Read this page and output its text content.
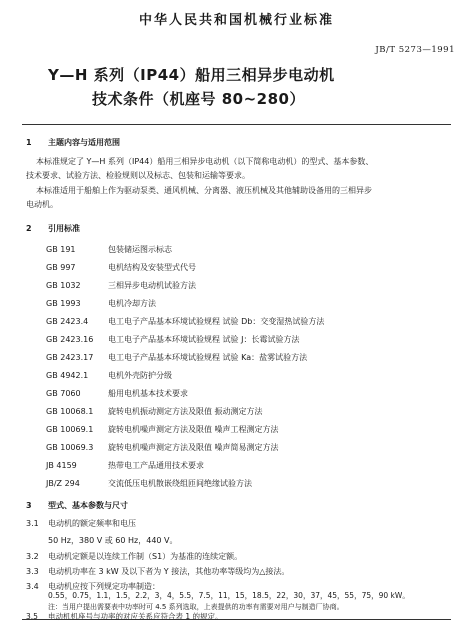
中华人民共和国机械行业标准
JB/T 5273—1991
Y—H 系列（IP44）船用三相异步电动机
技术条件（机座号 80~280）
1 主题内容与适用范围
本标准规定了 Y—H 系列（IP44）船用三相异步电动机（以下简称电动机）的型式、基本参数、
技术要求、试验方法、检验规则以及标志、包装和运输等要求。
本标准适用于船舶上作为驱动泵类、通风机械、分离器、液压机械及其他辅助设备用的三相异步
电动机。
2 引用标准
GB 191	包装储运图示标志
GB 997	电机结构及安装型式代号
GB 1032	三相异步电动机试验方法
GB 1993	电机冷却方法
GB 2423.4 电工电子产品基本环境试验规程 试验 Db：交变湿热试验方法
GB 2423.16 电工电子产品基本环境试验规程 试验 J：长霉试验方法
GB 2423.17 电工电子产品基本环境试验规程 试验 Ka：盐雾试验方法
GB 4942.1 电机外壳防护分级
GB 7060	船用电机基本技术要求
GB 10068.1 旋转电机振动测定方法及限值 振动测定方法
GB 10069.1 旋转电机噪声测定方法及限值 噪声工程测定方法
GB 10069.3 旋转电机噪声测定方法及限值 噪声简易测定方法
JB 4159	热带电工产品通用技术要求
JB/Z 294	交流低压电机散嵌绕组匝间绝缘试验方法
3 型式、基本参数与尺寸
3.1 电动机的额定频率和电压
50 Hz，380 V 或 60 Hz，440 V。
3.2 电动机定额是以连续工作制（S1）为基准的连续定额。
3.3 电动机功率在 3 kW 及以下者为 Y 接法，其他功率等级均为△接法。
3.4 电动机应按下列规定功率制造：
0.55，0.75，1.1，1.5，2.2，3，4，5.5，7.5，11，15，18.5，22，30，37，45，55，75，90 kW。
注：当用户提出需要表中功率时可 4.5 系列选取，上表提供的功率有需要对用户与制造厂协商。
3.5 电动机机座号与功率的对应关系应符合表 1 的规定。
